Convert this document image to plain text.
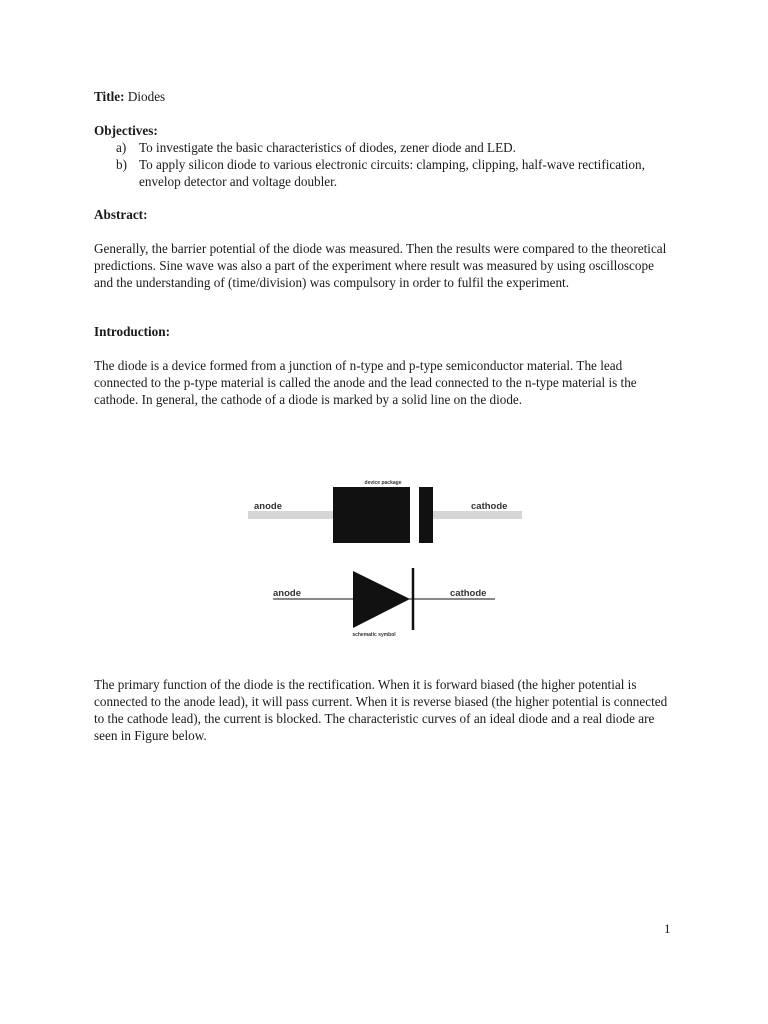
Title: Diodes
Objectives:
a) To investigate the basic characteristics of diodes, zener diode and LED.
b) To apply silicon diode to various electronic circuits: clamping, clipping, half-wave rectification, envelop detector and voltage doubler.
Abstract:

Generally, the barrier potential of the diode was measured. Then the results were compared to the theoretical predictions. Sine wave was also a part of the experiment where result was measured by using oscilloscope and the understanding of (time/division) was compulsory in order to fulfil the experiment.

Introduction:

The diode is a device formed from a junction of n-type and p-type semiconductor material. The lead connected to the p-type material is called the anode and the lead connected to the n-type material is the cathode. In general, the cathode of a diode is marked by a solid line on the diode.

device package
anode	cathode
anode	cathode
schematic symbol

The primary function of the diode is the rectification. When it is forward biased (the higher potential is connected to the anode lead), it will pass current. When it is reverse biased (the higher potential is connected to the cathode lead), the current is blocked. The characteristic curves of an ideal diode and a real diode are seen in Figure below.

1
